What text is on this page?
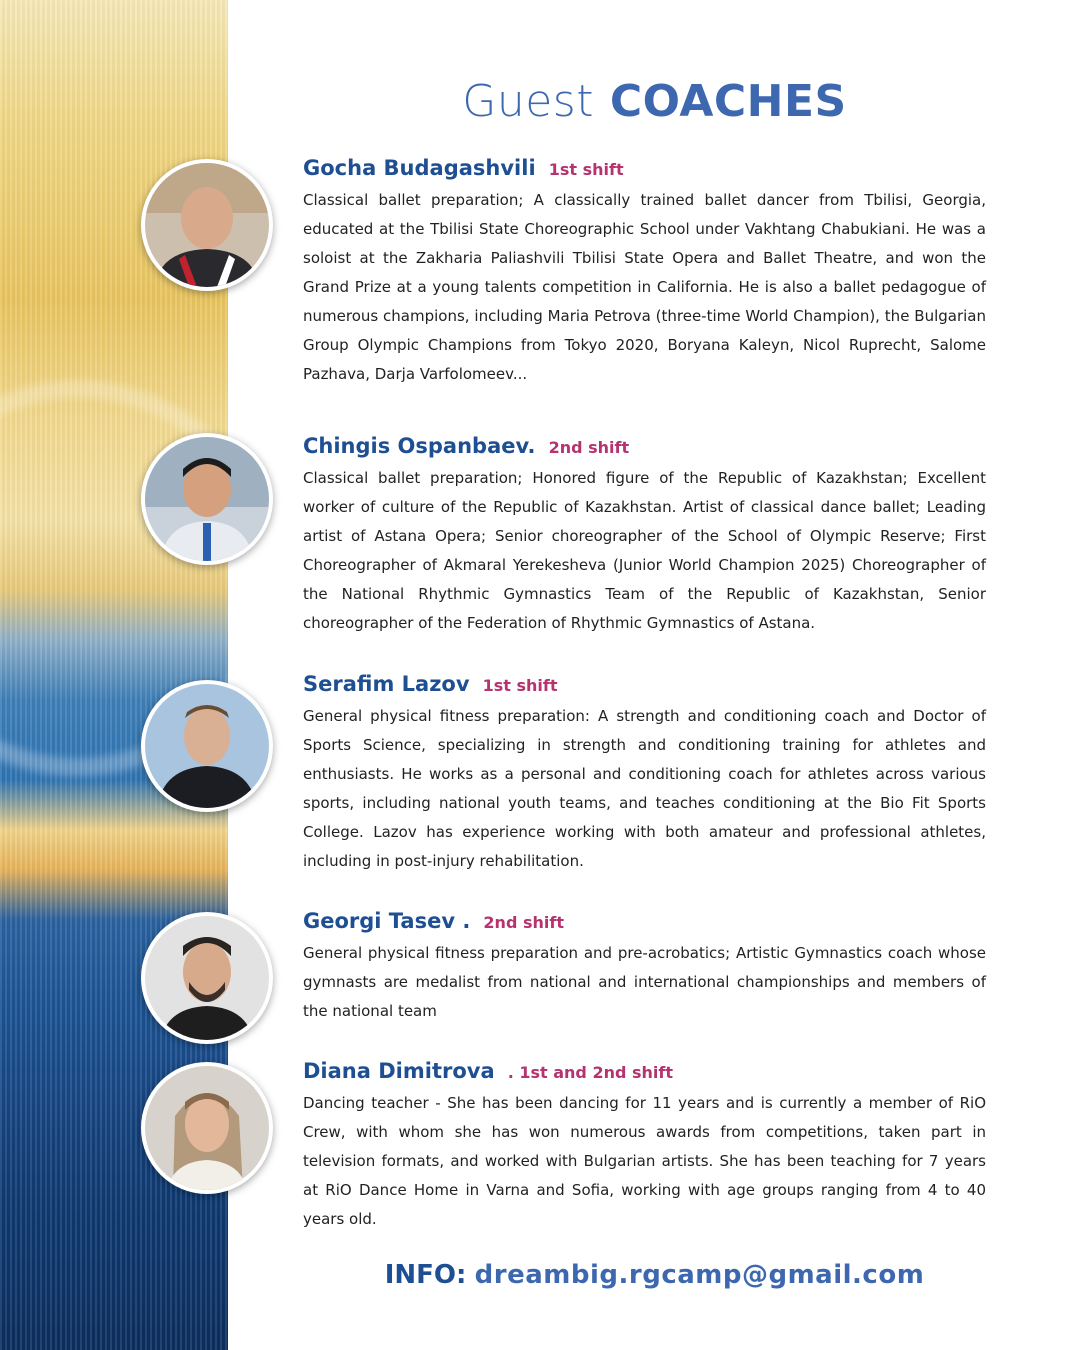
Guest COACHES

Gocha Budagashvili 1st shift

Classical ballet preparation; A classically trained ballet dancer from Tbilisi, Georgia, educated at the Tbilisi State Choreographic School under Vakhtang Chabukiani. He was a soloist at the Zakharia Paliashvili Tbilisi State Opera and Ballet Theatre, and won the Grand Prize at a young talents competition in California. He is also a ballet pedagogue of numerous champions, including Maria Petrova (three-time World Champion), the Bulgarian Group Olympic Champions from Tokyo 2020, Boryana Kaleyn, Nicol Ruprecht, Salome Pazhava, Darja Varfolomeev...

Chingis Ospanbaev. 2nd shift

Classical ballet preparation; Honored figure of the Republic of Kazakhstan; Excellent worker of culture of the Republic of Kazakhstan. Artist of classical dance ballet; Leading artist of Astana Opera; Senior choreographer of the School of Olympic Reserve; First Choreographer of Akmaral Yerekesheva (Junior World Champion 2025) Choreographer of the National Rhythmic Gymnastics Team of the Republic of Kazakhstan, Senior choreographer of the Federation of Rhythmic Gymnastics of Astana.

Serafim Lazov 1st shift

General physical fitness preparation: A strength and conditioning coach and Doctor of Sports Science, specializing in strength and conditioning training for athletes and enthusiasts. He works as a personal and conditioning coach for athletes across various sports, including national youth teams, and teaches conditioning at the Bio Fit Sports College. Lazov has experience working with both amateur and professional athletes, including in post-injury rehabilitation.

Georgi Tasev . 2nd shift

General physical fitness preparation and pre-acrobatics; Artistic Gymnastics coach whose gymnasts are medalist from national and international championships and members of the national team

Diana Dimitrova . 1st and 2nd shift

Dancing teacher - She has been dancing for 11 years and is currently a member of RiO Crew, with whom she has won numerous awards from competitions, taken part in television formats, and worked with Bulgarian artists. She has been teaching for 7 years at RiO Dance Home in Varna and Sofia, working with age groups ranging from 4 to 40 years old.

INFO: dreambig.rgcamp@gmail.com
